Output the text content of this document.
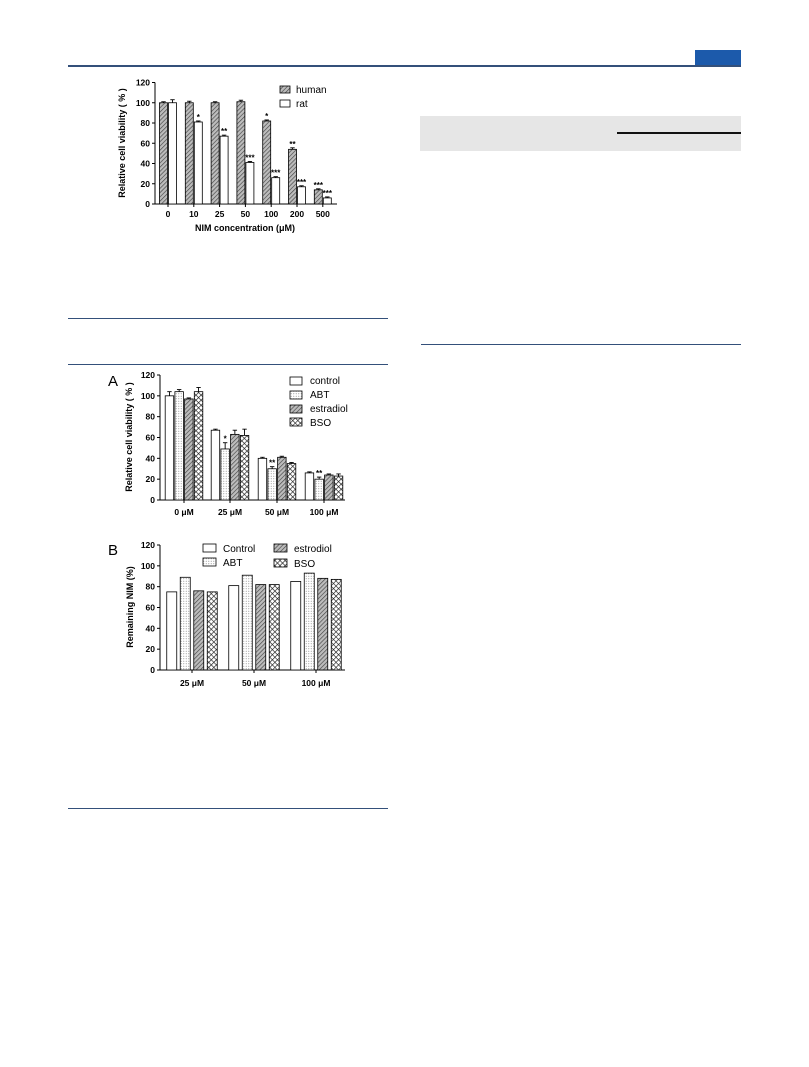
0
20
40
60
80
100
120
0 10
*
25
**
50
***
100
*
***
200
**
***
500
***
***
Relative cell viability ( % )
NIM concentration (μM)
human
rat
0
20
40
60
80
100
120
0 μM	25 μM
*
50 μM
**
100 μM
**
Relative cell viability ( % )
A	control
ABT
estradiol
BSO
0
20
40
60
80
100
120
25 μM	50 μM	100 μM
Remaining NIM (%)
B	Control
ABT
estrodiol
BSO
